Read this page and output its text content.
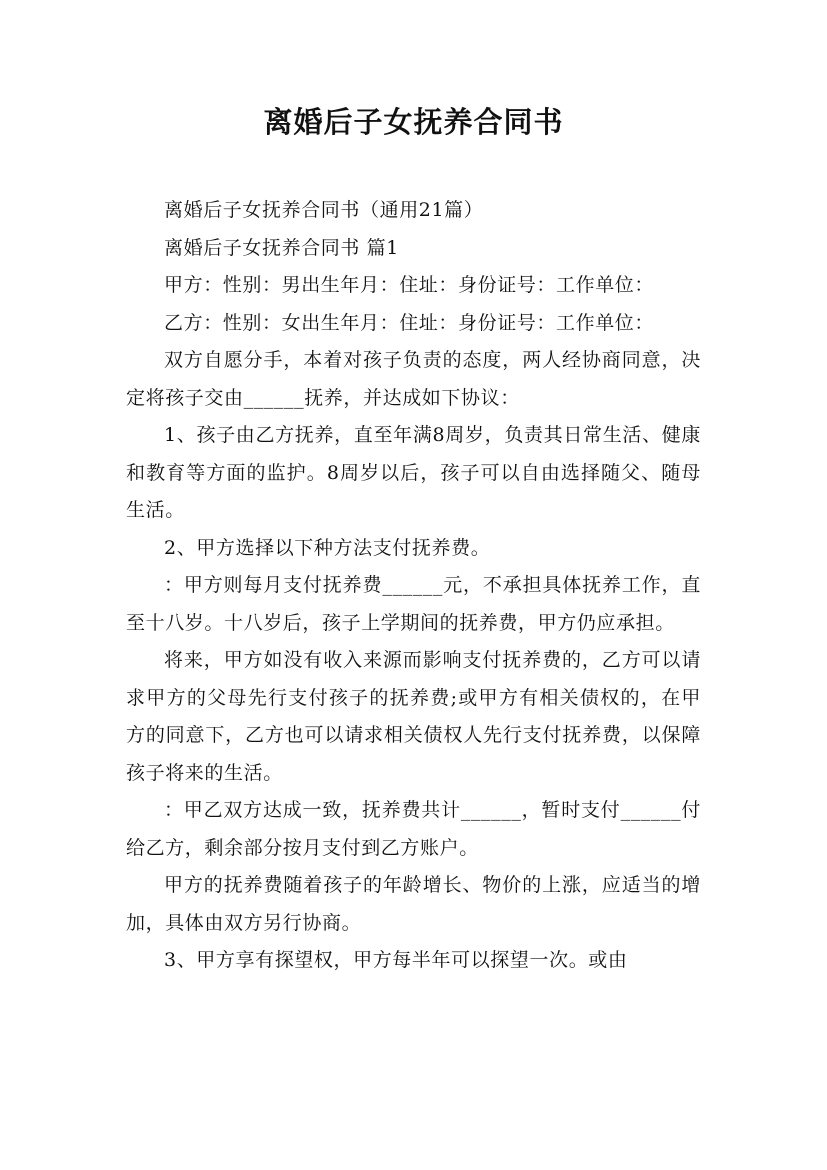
离婚后子女抚养合同书

离婚后子女抚养合同书（通用21篇）

离婚后子女抚养合同书 篇1

甲方：性别：男出生年月：住址：身份证号：工作单位：

乙方：性别：女出生年月：住址：身份证号：工作单位：

双方自愿分手，本着对孩子负责的态度，两人经协商同意，决定将孩子交由______抚养，并达成如下协议：

1、孩子由乙方抚养，直至年满8周岁，负责其日常生活、健康和教育等方面的监护。8周岁以后，孩子可以自由选择随父、随母生活。

2、甲方选择以下种方法支付抚养费。

：甲方则每月支付抚养费______元，不承担具体抚养工作，直至十八岁。十八岁后，孩子上学期间的抚养费，甲方仍应承担。

将来，甲方如没有收入来源而影响支付抚养费的，乙方可以请求甲方的父母先行支付孩子的抚养费;或甲方有相关债权的，在甲方的同意下，乙方也可以请求相关债权人先行支付抚养费，以保障孩子将来的生活。

：甲乙双方达成一致，抚养费共计______，暂时支付______付给乙方，剩余部分按月支付到乙方账户。

甲方的抚养费随着孩子的年龄增长、物价的上涨，应适当的增加，具体由双方另行协商。

3、甲方享有探望权，甲方每半年可以探望一次。或由
